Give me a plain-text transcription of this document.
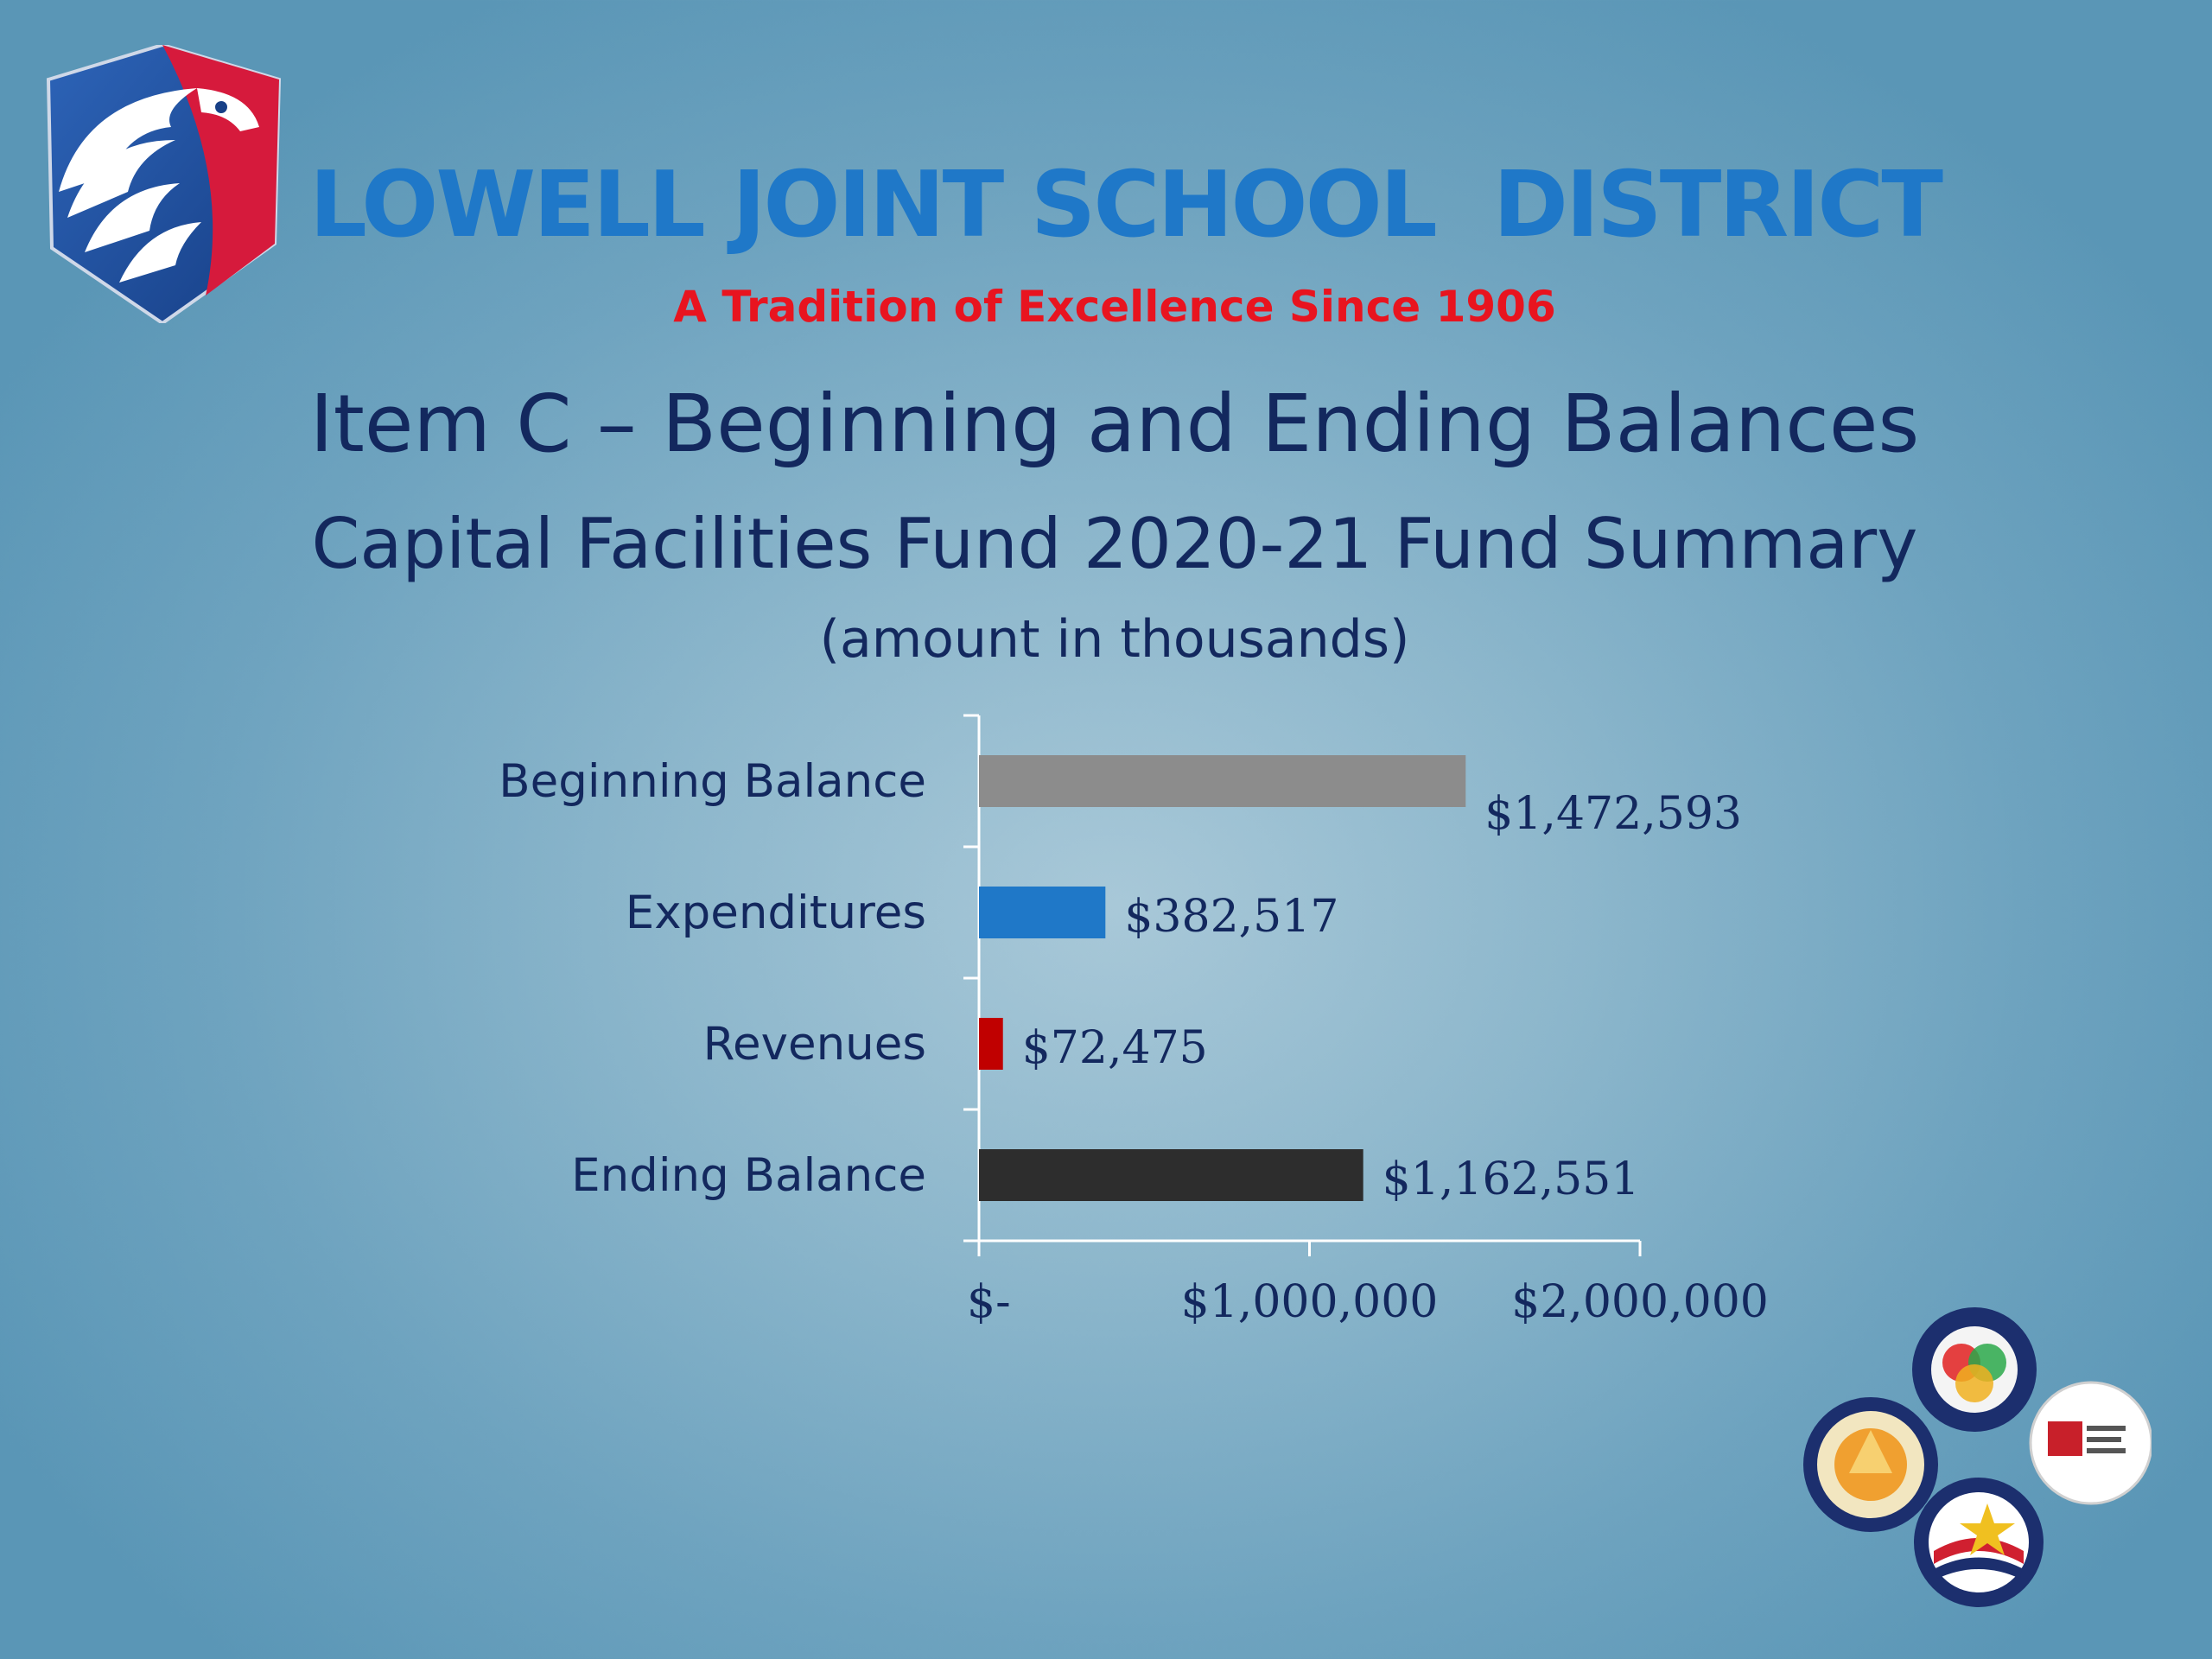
LOWELL JOINT SCHOOL  DISTRICT
A Tradition of Excellence Since 1906
Item C – Beginning and Ending Balances
Capital Facilities Fund 2020-21 Fund Summary
(amount in thousands)
$-	$1,000,000 $2,000,000
Beginning Balance
$1,472,593
Expenditures	$382,517
Revenues $72,475
Ending Balance	$1,162,551
